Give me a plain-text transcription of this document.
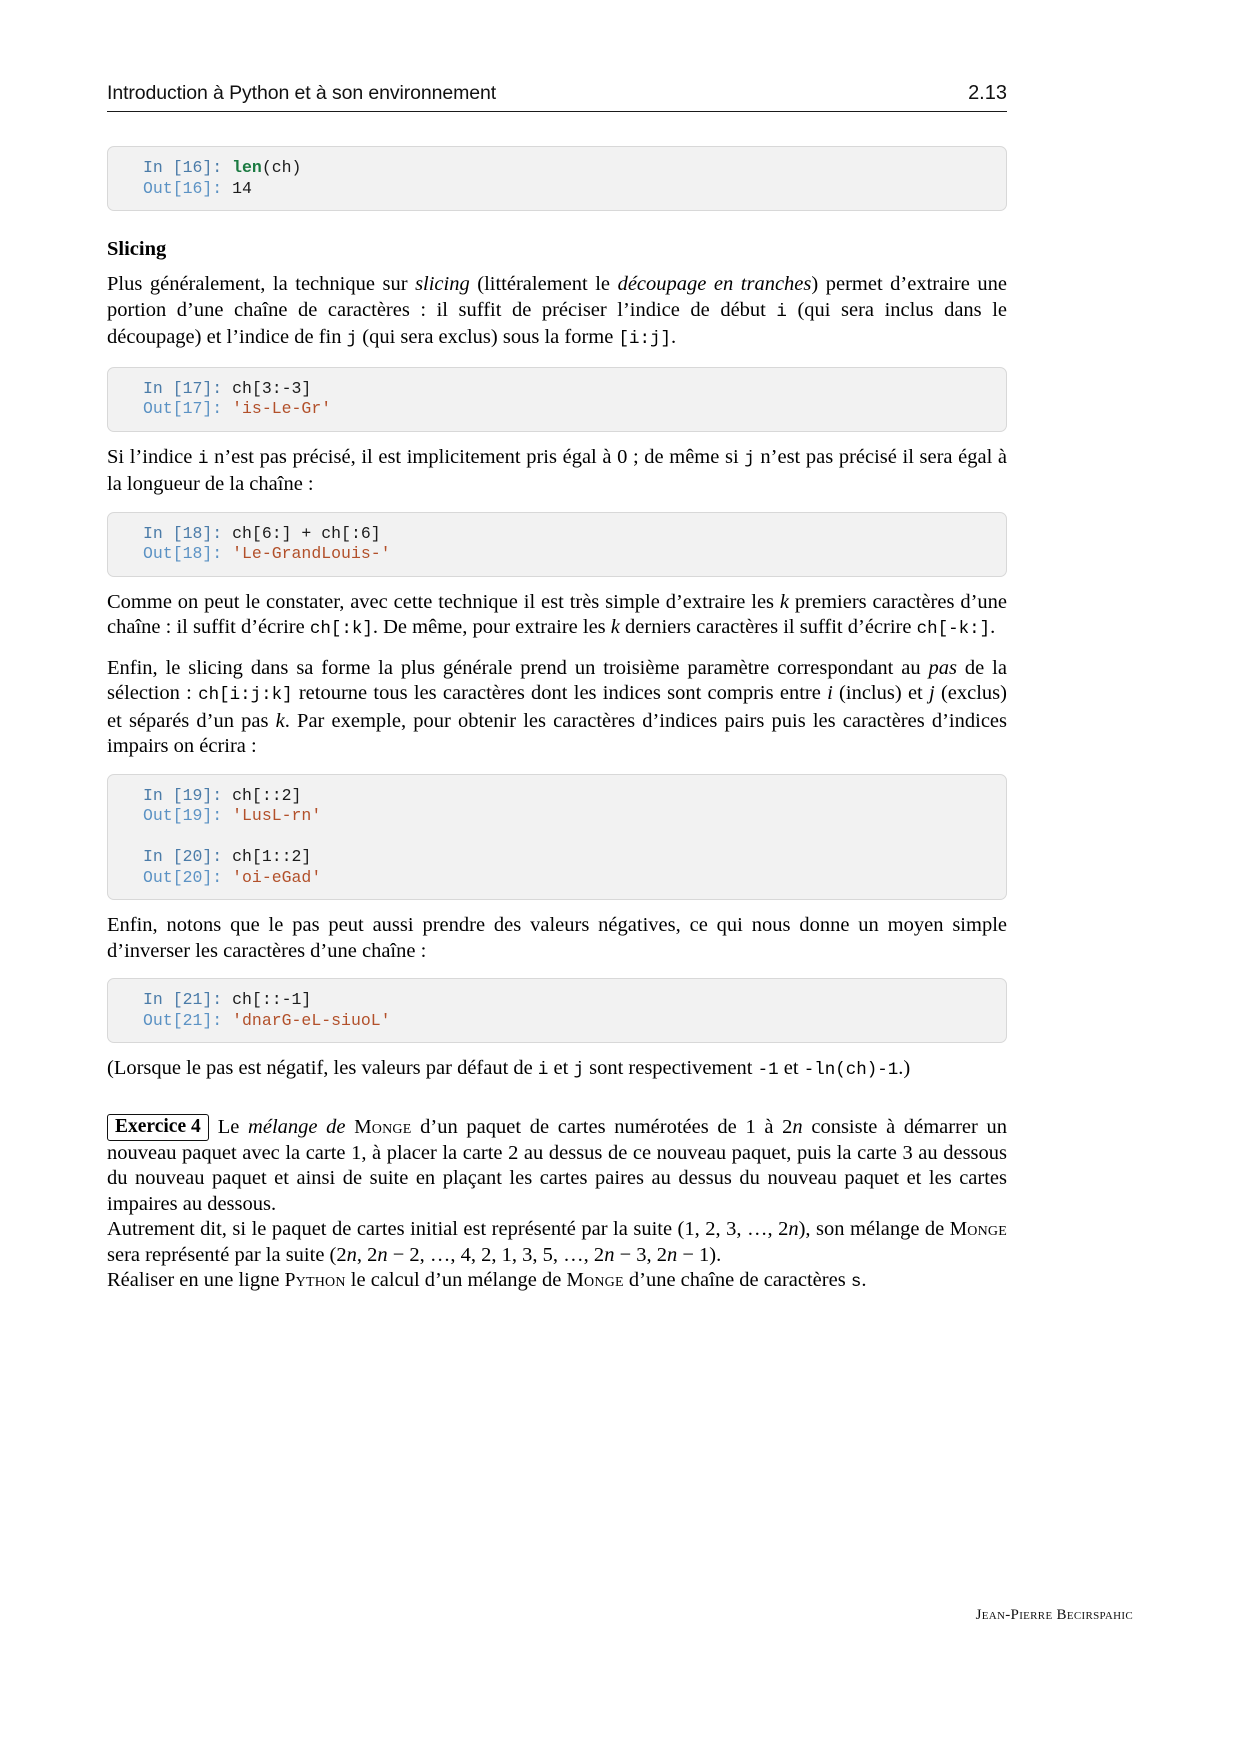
Introduction à Python et à son environnement	2.13
In [16]: len(ch)
Out[16]: 14
Slicing

Plus généralement, la technique sur slicing (littéralement le découpage en tranches) permet d’extraire une portion d’une chaîne de caractères : il suffit de préciser l’indice de début i (qui sera inclus dans le découpage) et l’indice de fin j (qui sera exclus) sous la forme [i:j].

In [17]: ch[3:-3]
Out[17]: 'is-Le-Gr'

Si l’indice i n’est pas précisé, il est implicitement pris égal à 0 ; de même si j n’est pas précisé il sera égal à la longueur de la chaîne :

In [18]: ch[6:] + ch[:6]
Out[18]: 'Le-GrandLouis-'

Comme on peut le constater, avec cette technique il est très simple d’extraire les k premiers caractères d’une chaîne : il suffit d’écrire ch[:k]. De même, pour extraire les k derniers caractères il suffit d’écrire ch[-k:].

Enfin, le slicing dans sa forme la plus générale prend un troisième paramètre correspondant au pas de la sélection : ch[i:j:k] retourne tous les caractères dont les indices sont compris entre i (inclus) et j (exclus) et séparés d’un pas k. Par exemple, pour obtenir les caractères d’indices pairs puis les caractères d’indices impairs on écrira :

In [19]: ch[::2]
Out[19]: 'LusL-rn'
In [20]: ch[1::2]
Out[20]: 'oi-eGad'

Enfin, notons que le pas peut aussi prendre des valeurs négatives, ce qui nous donne un moyen simple d’inverser les caractères d’une chaîne :

In [21]: ch[::-1]
Out[21]: 'dnarG-eL-siuoL'

(Lorsque le pas est négatif, les valeurs par défaut de i et j sont respectivement -1 et -ln(ch)-1.)

Exercice 4 Le mélange de Monge d’un paquet de cartes numérotées de 1 à 2n consiste à démarrer un nouveau paquet avec la carte 1, à placer la carte 2 au dessus de ce nouveau paquet, puis la carte 3 au dessous du nouveau paquet et ainsi de suite en plaçant les cartes paires au dessus du nouveau paquet et les cartes impaires au dessous.
Autrement dit, si le paquet de cartes initial est représenté par la suite (1, 2, 3, …, 2n), son mélange de Monge sera représenté par la suite (2n, 2n − 2, …, 4, 2, 1, 3, 5, …, 2n − 3, 2n − 1).
Réaliser en une ligne Python le calcul d’un mélange de Monge d’une chaîne de caractères s.
Jean-Pierre Becirspahic
